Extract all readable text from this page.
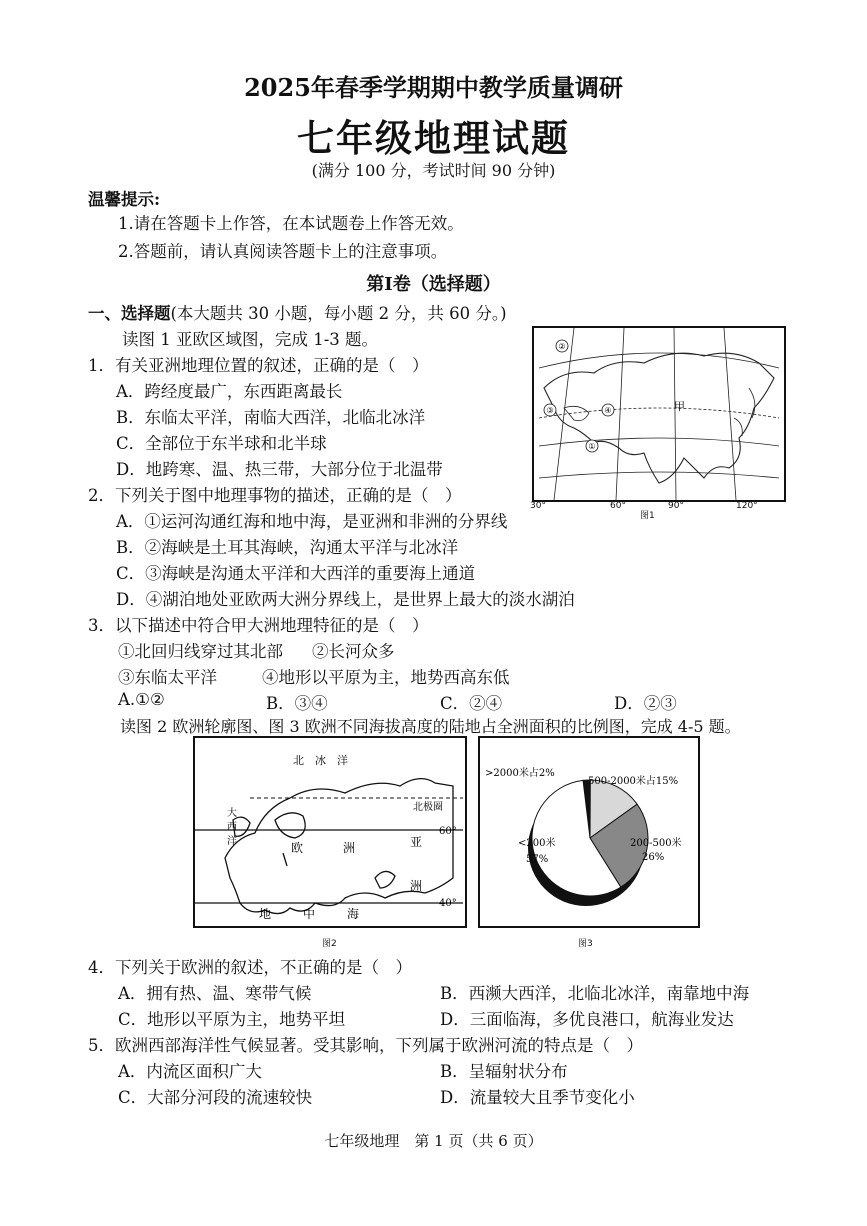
2025年春季学期期中教学质量调研
七年级地理试题
(满分 100 分，考试时间 90 分钟)
温馨提示:
1.请在答题卡上作答，在本试题卷上作答无效。
2.答题前，请认真阅读答题卡上的注意事项。
第Ⅰ卷（选择题）
一、选择题(本大题共 30 小题，每小题 2 分，共 60 分。)
读图 1 亚欧区域图，完成 1-3 题。
1．有关亚洲地理位置的叙述，正确的是（　）
A．跨经度最广，东西距离最长
B．东临太平洋，南临大西洋，北临北冰洋
C．全部位于东半球和北半球
D．地跨寒、温、热三带，大部分位于北温带
2．下列关于图中地理事物的描述，正确的是（　）
A．①运河沟通红海和地中海，是亚洲和非洲的分界线
B．②海峡是土耳其海峡，沟通太平洋与北冰洋
C．③海峡是沟通太平洋和大西洋的重要海上通道
D．④湖泊地处亚欧两大洲分界线上，是世界上最大的淡水湖泊
3．以下描述中符合甲大洲地理特征的是（　）
①北回归线穿过其北部 ②长河众多
③东临太平洋	④地形以平原为主，地势西高东低
A.①②	B．③④	C．②④	D．②③
读图 2 欧洲轮廓图、图 3 欧洲不同海拔高度的陆地占全洲面积的比例图，完成 4-5 题。
②
③	④
①
甲
30°	60°	90°	120°
图1
北　冰　洋
大
西
洋
北极圈
60°
40°
欧	洲	亚
洲
地	中	海
图2
>2000米占2%
500-2000米占15%
200-500米
26%
<200米
57%
图3
4．下列关于欧洲的叙述，不正确的是（　）
A．拥有热、温、寒带气候	B．西濒大西洋，北临北冰洋，南靠地中海
C．地形以平原为主，地势平坦	D．三面临海，多优良港口，航海业发达
5．欧洲西部海洋性气候显著。受其影响，下列属于欧洲河流的特点是（　）
A．内流区面积广大	B．呈辐射状分布
C．大部分河段的流速较快	D．流量较大且季节变化小
七年级地理　第 1 页（共 6 页）
